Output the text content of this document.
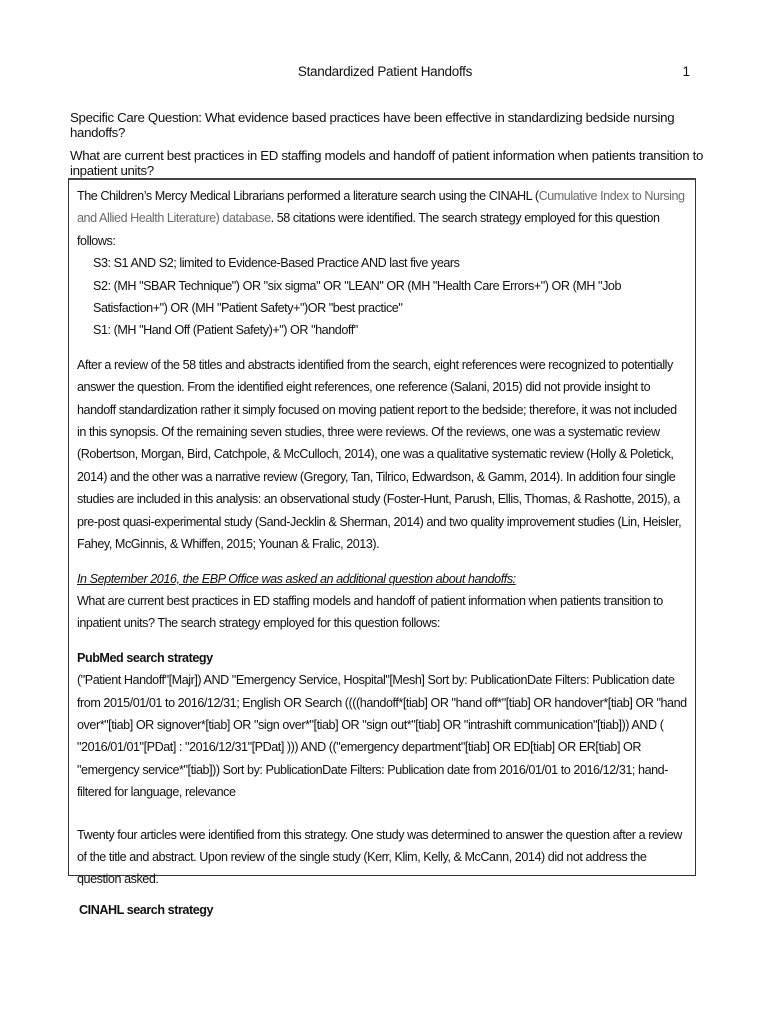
Standardized Patient Handoffs	1
Specific Care Question: What evidence based practices have been effective in standardizing bedside nursing handoffs?
What are current best practices in ED staffing models and handoff of patient information when patients transition to inpatient units?

The Children’s Mercy Medical Librarians performed a literature search using the CINAHL (Cumulative Index to Nursing and Allied Health Literature) database. 58 citations were identified. The search strategy employed for this question follows:

S3: S1 AND S2; limited to Evidence-Based Practice AND last five years

S2: (MH "SBAR Technique") OR "six sigma" OR "LEAN" OR (MH "Health Care Errors+") OR (MH "Job Satisfaction+") OR (MH "Patient Safety+")OR "best practice"

S1: (MH "Hand Off (Patient Safety)+") OR "handoff"

After a review of the 58 titles and abstracts identified from the search, eight references were recognized to potentially answer the question. From the identified eight references, one reference (Salani, 2015) did not provide insight to handoff standardization rather it simply focused on moving patient report to the bedside; therefore, it was not included in this synopsis. Of the remaining seven studies, three were reviews. Of the reviews, one was a systematic review (Robertson, Morgan, Bird, Catchpole, & McCulloch, 2014), one was a qualitative systematic review (Holly & Poletick, 2014) and the other was a narrative review (Gregory, Tan, Tilrico, Edwardson, & Gamm, 2014). In addition four single studies are included in this analysis: an observational study (Foster-Hunt, Parush, Ellis, Thomas, & Rashotte, 2015), a pre-post quasi-experimental study (Sand-Jecklin & Sherman, 2014) and two quality improvement studies (Lin, Heisler, Fahey, McGinnis, & Whiffen, 2015; Younan & Fralic, 2013).

In September 2016, the EBP Office was asked an additional question about handoffs:

What are current best practices in ED staffing models and handoff of patient information when patients transition to inpatient units? The search strategy employed for this question follows:

PubMed search strategy

("Patient Handoff"[Majr]) AND "Emergency Service, Hospital"[Mesh] Sort by: PublicationDate Filters: Publication date from 2015/01/01 to 2016/12/31; English OR Search ((((handoff*[tiab] OR "hand off*"[tiab] OR handover*[tiab] OR "hand over*"[tiab] OR signover*[tiab] OR "sign over*"[tiab] OR "sign out*"[tiab] OR "intrashift communication"[tiab])) AND ( "2016/01/01"[PDat] : "2016/12/31"[PDat] ))) AND (("emergency department"[tiab] OR ED[tiab] OR ER[tiab] OR "emergency service*"[tiab])) Sort by: PublicationDate Filters: Publication date from 2016/01/01 to 2016/12/31; hand-filtered for language, relevance

Twenty four articles were identified from this strategy. One study was determined to answer the question after a review of the title and abstract. Upon review of the single study (Kerr, Klim, Kelly, & McCann, 2014) did not address the question asked.

CINAHL search strategy
